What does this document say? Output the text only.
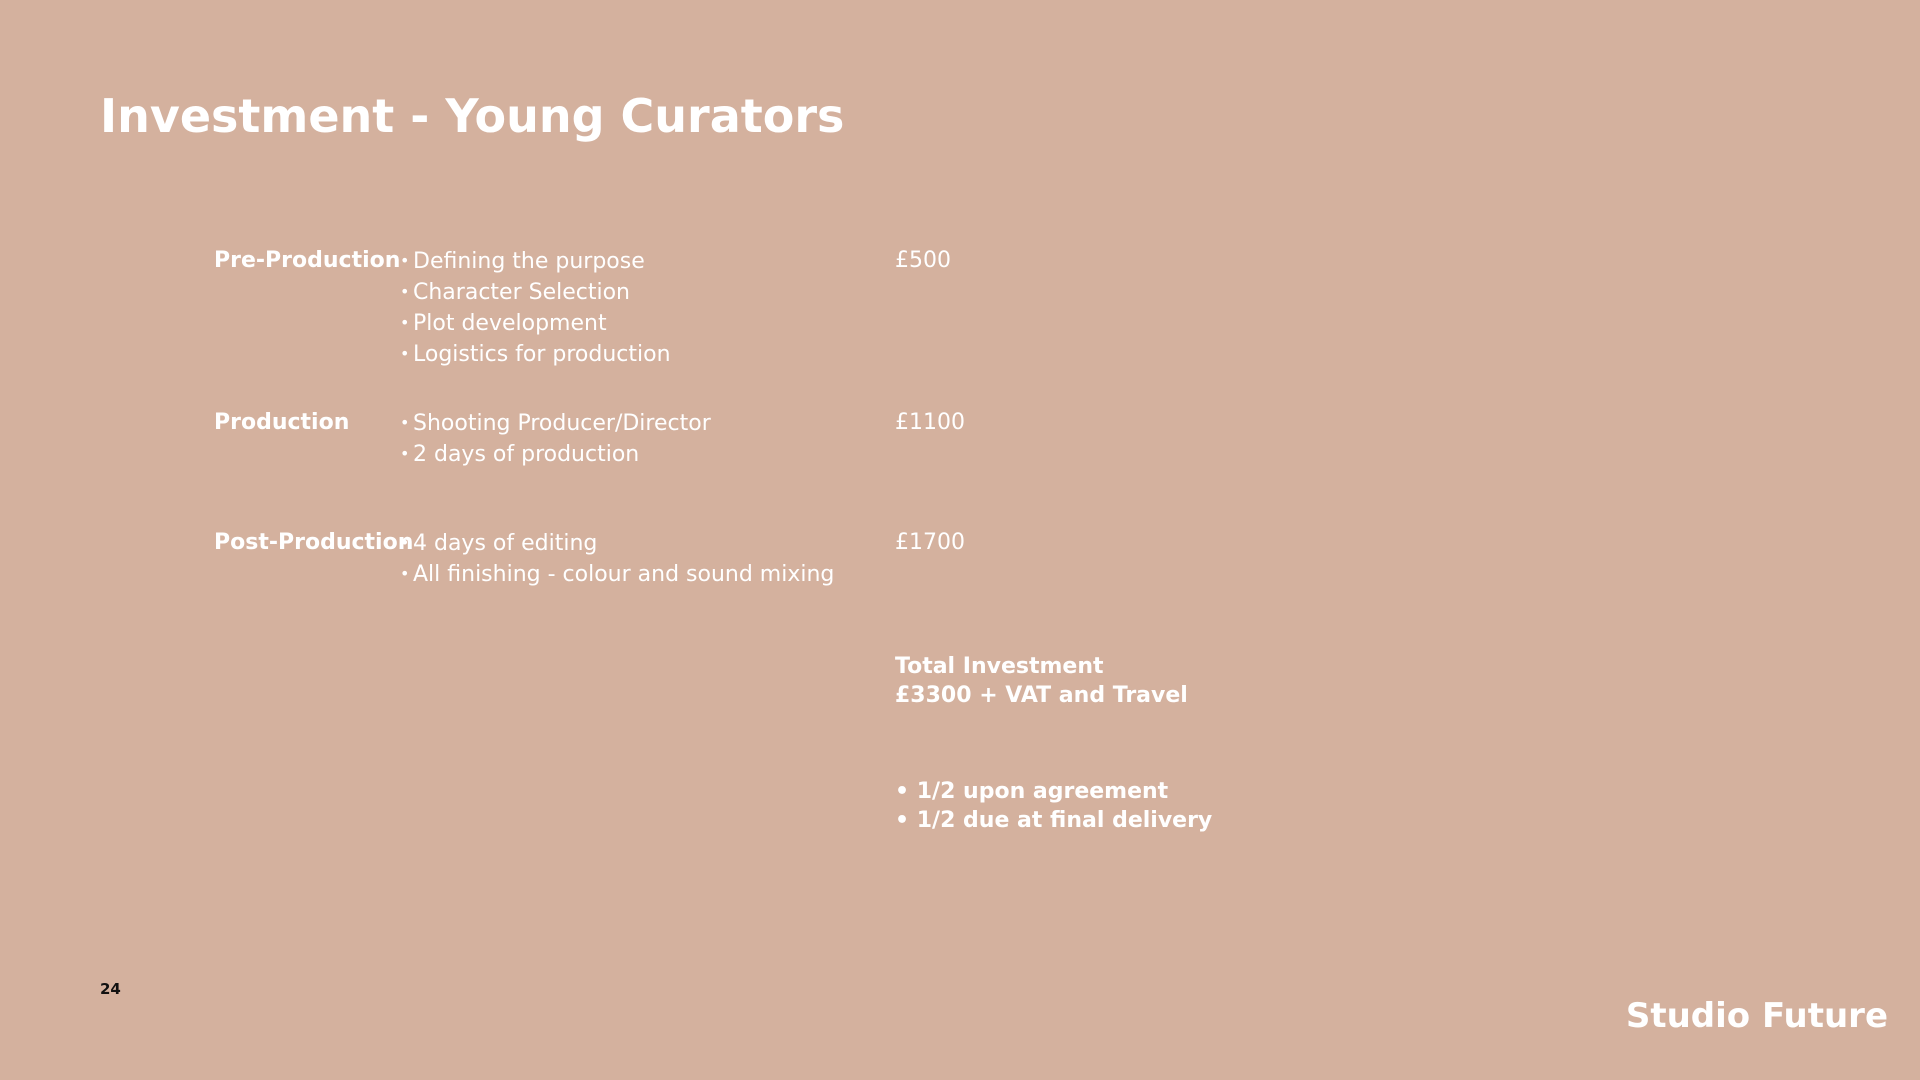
Investment - Young Curators
Pre-Production • Defining the purpose
• Character Selection
• Plot development
• Logistics for production
£500
Production	• Shooting Producer/Director
• 2 days of production
£1100
Post-Production • 4 days of editing
• All finishing - colour and sound mixing
£1700
Total Investment
£3300 + VAT and Travel
• 1/2 upon agreement
• 1/2 due at final delivery
24
Studio Future
